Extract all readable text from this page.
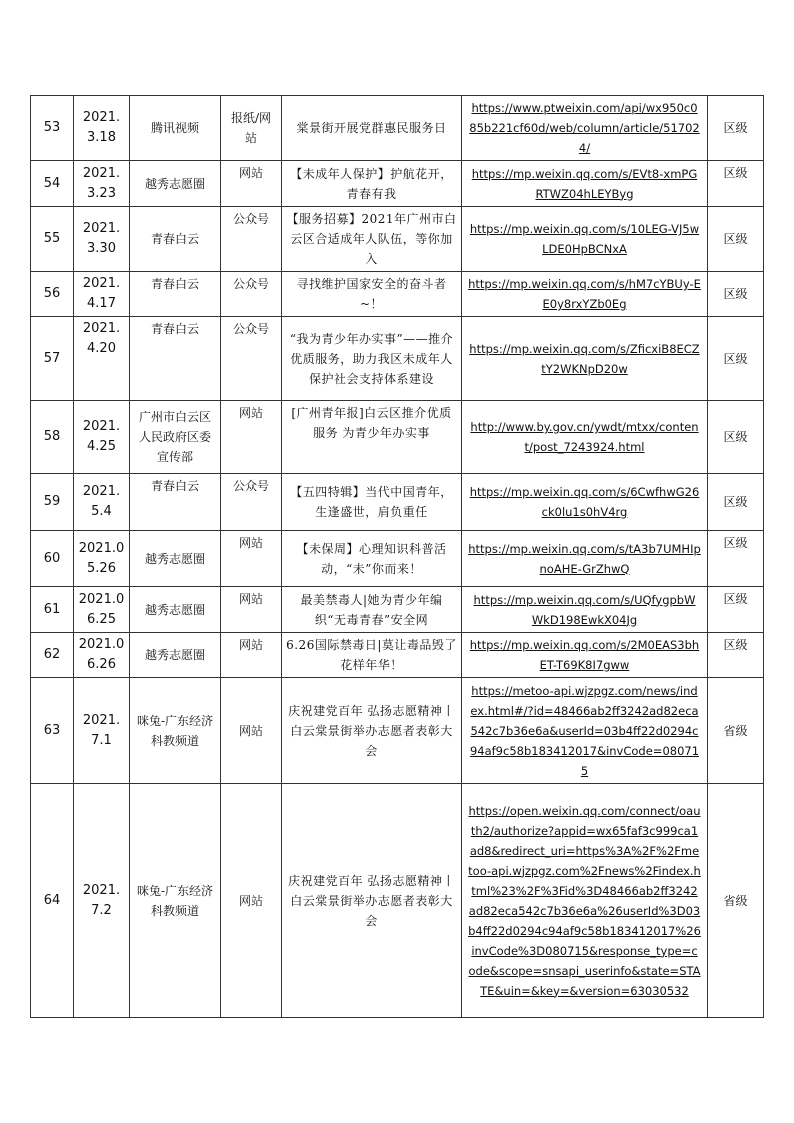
53	2021.3.18	腾讯视频	报纸/网站	棠景街开展党群惠民服务日	https://www.ptweixin.com/api/wx950c085b221cf60d/web/column/article/517024/	区级
54	2021.3.23	越秀志愿圈	网站	【未成年人保护】护航花开，青春有我	https://mp.weixin.qq.com/s/EVt8-xmPGRTWZ04hLEYByg	区级
55	2021.3.30	青春白云	公众号	【服务招募】2021年广州市白云区合适成年人队伍，等你加入	https://mp.weixin.qq.com/s/10LEG-VJ5wLDE0HpBCNxA	区级
56	2021.4.17	青春白云	公众号	寻找维护国家安全的奋斗者~！	https://mp.weixin.qq.com/s/hM7cYBUy-EE0y8rxYZb0Eg	区级
57	2021.4.20	青春白云	公众号	“我为青少年办实事”——推介优质服务，助力我区未成年人保护社会支持体系建设	https://mp.weixin.qq.com/s/ZficxiB8ECZtY2WKNpD20w	区级
58	2021.4.25	广州市白云区人民政府区委宣传部	网站	[广州青年报]白云区推介优质服务 为青少年办实事	http://www.by.gov.cn/ywdt/mtxx/content/post_7243924.html	区级
59	2021.5.4	青春白云	公众号	【五四特辑】当代中国青年，生逢盛世，肩负重任	https://mp.weixin.qq.com/s/6CwfhwG26ck0lu1s0hV4rg	区级
60	2021.05.26	越秀志愿圈	网站	【未保周】心理知识科普活动，“未”你而来！	https://mp.weixin.qq.com/s/tA3b7UMHIpnoAHE-GrZhwQ	区级
61	2021.06.25	越秀志愿圈	网站	最美禁毒人|她为青少年编织“无毒青春”安全网	https://mp.weixin.qq.com/s/UQfygpbWWkD198EwkX04Jg	区级
62	2021.06.26	越秀志愿圈	网站	6.26国际禁毒日|莫让毒品毁了花样年华！	https://mp.weixin.qq.com/s/2M0EAS3bhET-T69K8I7gww	区级
63	2021.7.1	咪兔-广东经济科教频道	网站	庆祝建党百年 弘扬志愿精神丨白云棠景街举办志愿者表彰大会	https://metoo-api.wjzpgz.com/news/index.html#/?id=48466ab2ff3242ad82eca542c7b36e6a&userId=03b4ff22d0294c94af9c58b183412017&invCode=080715	省级
64	2021.7.2	咪兔-广东经济科教频道	网站	庆祝建党百年 弘扬志愿精神丨白云棠景街举办志愿者表彰大会	https://open.weixin.qq.com/connect/oauth2/authorize?appid=wx65faf3c999ca1ad8&redirect_uri=https%3A%2F%2Fmetoo-api.wjzpgz.com%2Fnews%2Findex.html%23%2F%3Fid%3D48466ab2ff3242ad82eca542c7b36e6a%26userId%3D03b4ff22d0294c94af9c58b183412017%26invCode%3D080715&response_type=code&scope=snsapi_userinfo&state=STATE&uin=&key=&version=63030532	省级
